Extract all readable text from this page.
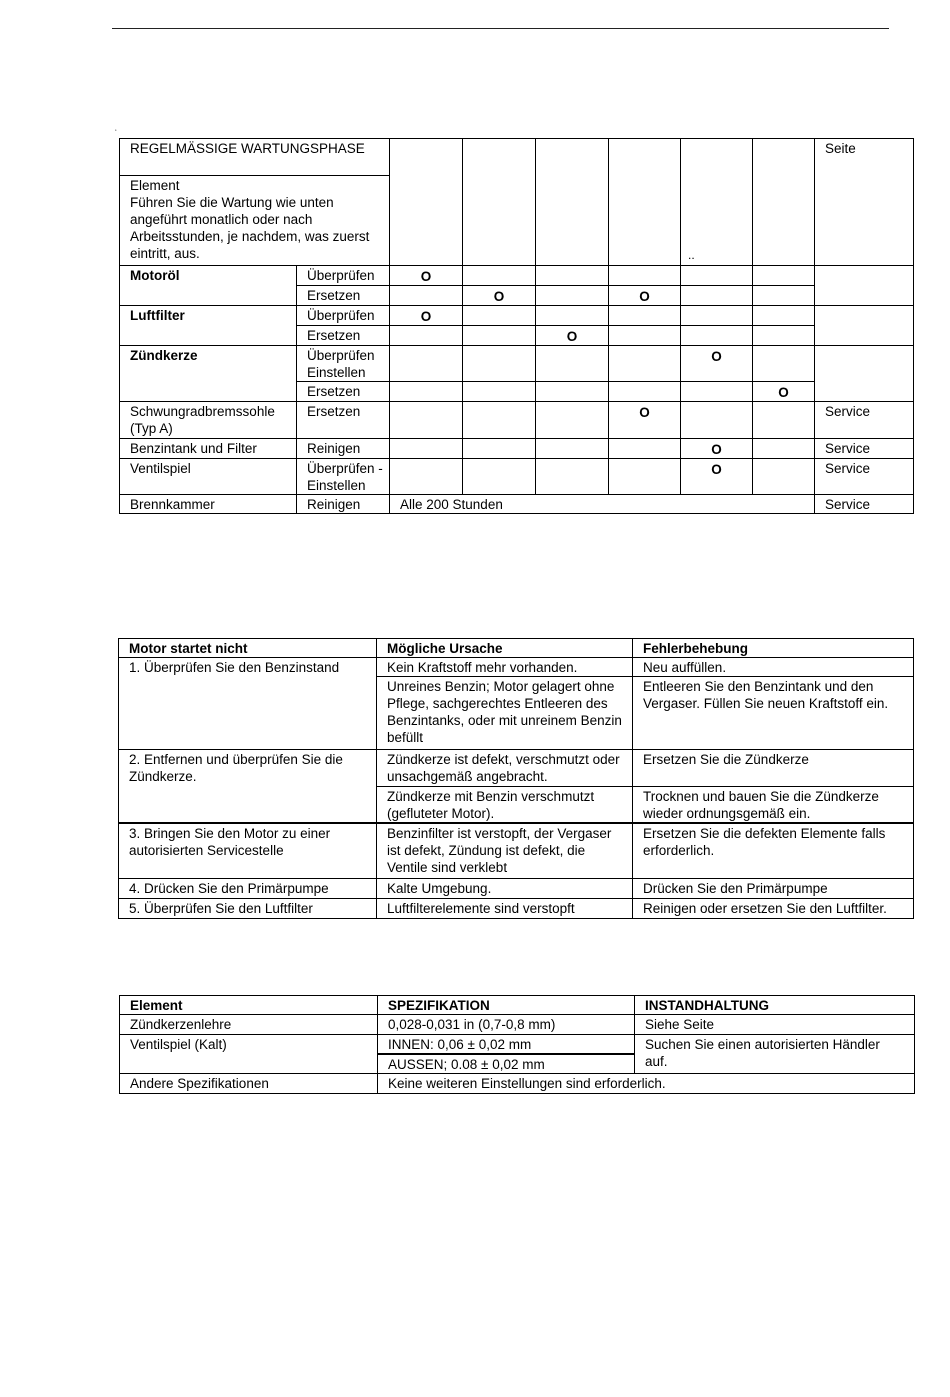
REGELMÄSSIGE WARTUNGSPHASE								Seite
Element
Führen Sie die Wartung wie unten angeführt monatlich oder nach Arbeitsstunden, je nachdem, was zuerst eintritt, aus.								
Motoröl	Überprüfen	O						
	Ersetzen		O		O			
Luftfilter	Überprüfen	O						
	Ersetzen			O				
Zündkerze	Überprüfen Einstellen					O		
	Ersetzen						O	
Schwungradbremssohle (Typ A)	Ersetzen				O			Service
Benzintank und Filter	Reinigen					O		Service
Ventilspiel	Überprüfen - Einstellen					O		Service
Brennkammer	Reinigen	Alle 200 Stunden						Service
..
ʻ
Motor startet nicht	Mögliche Ursache	Fehlerbehebung
1. Überprüfen Sie den Benzinstand	Kein Kraftstoff mehr vorhanden.	Neu auffüllen.
	Unreines Benzin; Motor gelagert ohne Pflege, sachgerechtes Entleeren des Benzintanks, oder mit unreinem Benzin befüllt	Entleeren Sie den Benzintank und den Vergaser. Füllen Sie neuen Kraftstoff ein.
2. Entfernen und überprüfen Sie die Zündkerze.	Zündkerze ist defekt, verschmutzt oder unsachgemäß angebracht.	Ersetzen Sie die Zündkerze
	Zündkerze mit Benzin verschmutzt (gefluteter Motor).	Trocknen und bauen Sie die Zündkerze wieder ordnungsgemäß ein.
3. Bringen Sie den Motor zu einer autorisierten Servicestelle	Benzinfilter ist verstopft, der Vergaser ist defekt, Zündung ist defekt, die Ventile sind verklebt	Ersetzen Sie die defekten Elemente falls erforderlich.
4. Drücken Sie den Primärpumpe	Kalte Umgebung.	Drücken Sie den Primärpumpe
5. Überprüfen Sie den Luftfilter	Luftfilterelemente sind verstopft	Reinigen oder ersetzen Sie den Luftfilter.
Element	SPEZIFIKATION	INSTANDHALTUNG
Zündkerzenlehre	0,028-0,031 in (0,7-0,8 mm)	Siehe Seite
Ventilspiel (Kalt)	INNEN: 0,06 ± 0,02 mm	Suchen Sie einen autorisierten Händler auf.
	AUSSEN; 0.08 ± 0,02 mm	
Andere Spezifikationen	Keine weiteren Einstellungen sind erforderlich.	
